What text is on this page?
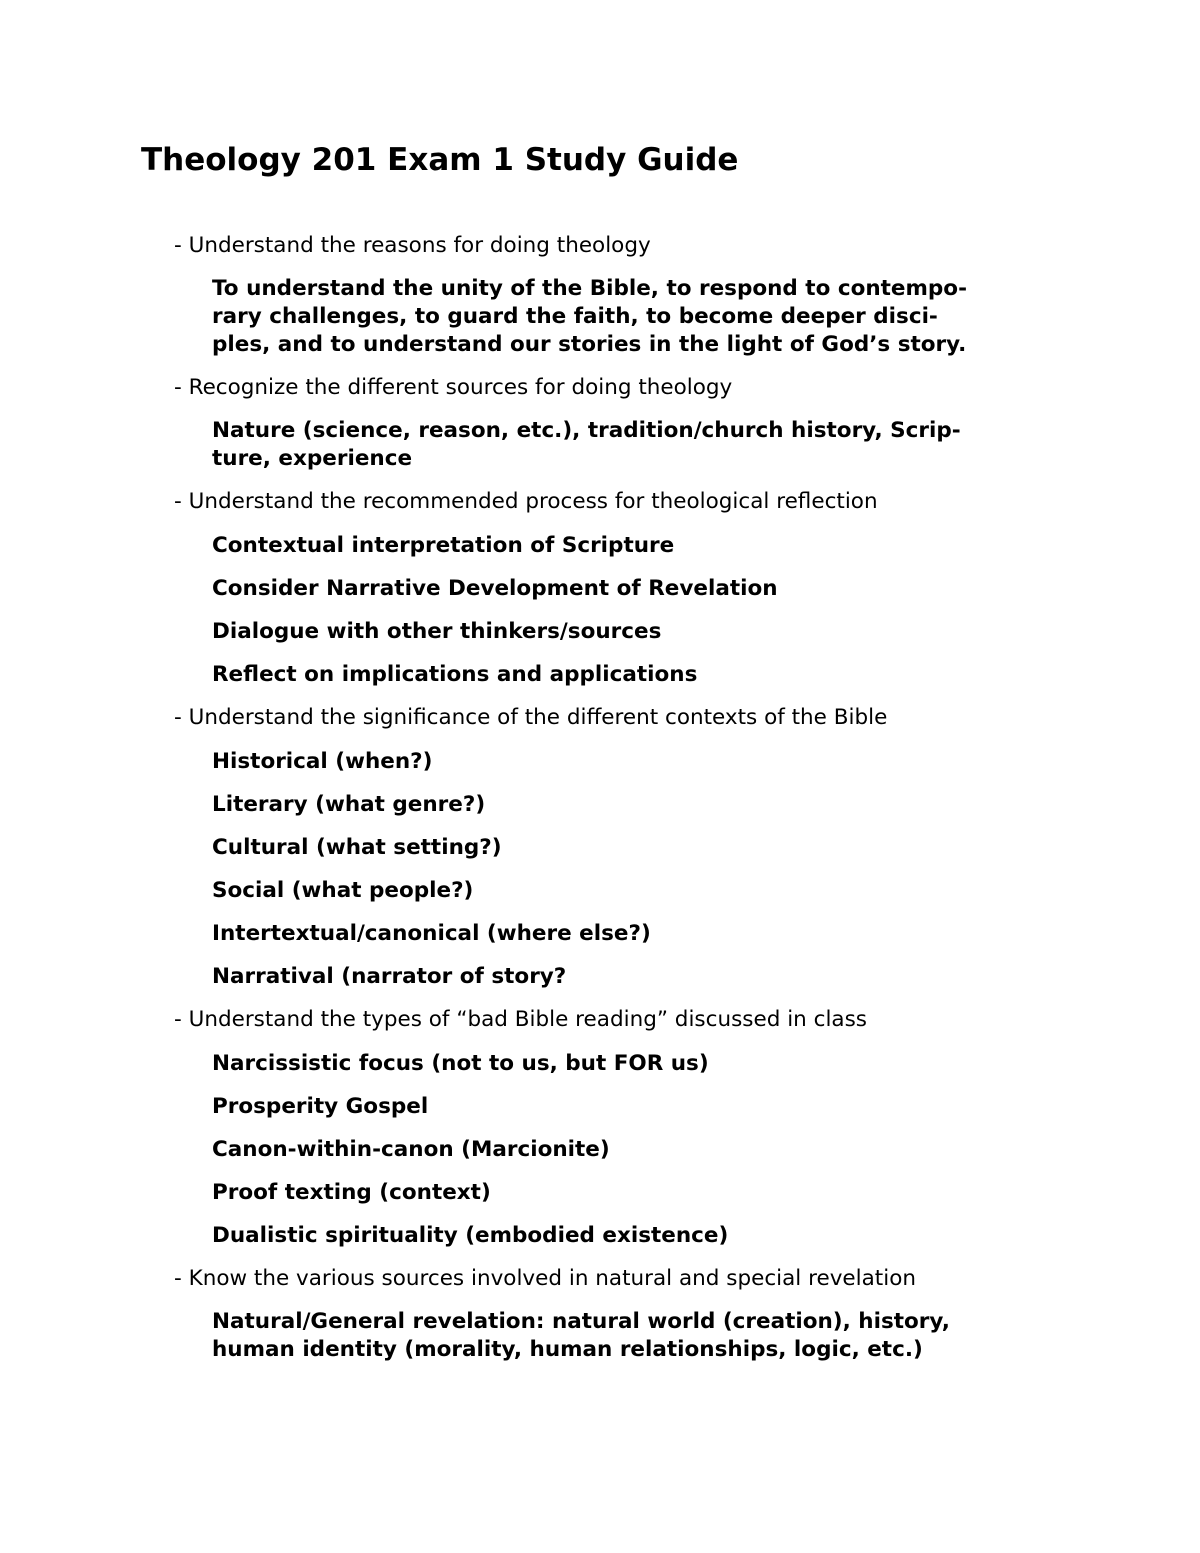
Theology 201 Exam 1 Study Guide
- Understand the reasons for doing theology
To understand the unity of the Bible, to respond to contempo-
rary challenges, to guard the faith, to become deeper disci-
ples, and to understand our stories in the light of God’s story.
- Recognize the different sources for doing theology
Nature (science, reason, etc.), tradition/church history, Scrip-
ture, experience
- Understand the recommended process for theological reflection
Contextual interpretation of Scripture
Consider Narrative Development of Revelation
Dialogue with other thinkers/sources
Reflect on implications and applications
- Understand the significance of the different contexts of the Bible
Historical (when?)
Literary (what genre?)
Cultural (what setting?)
Social (what people?)
Intertextual/canonical (where else?)
Narratival (narrator of story?
- Understand the types of “bad Bible reading” discussed in class
Narcissistic focus (not to us, but FOR us)
Prosperity Gospel
Canon-within-canon (Marcionite)
Proof texting (context)
Dualistic spirituality (embodied existence)
- Know the various sources involved in natural and special revelation
Natural/General revelation: natural world (creation), history,
human identity (morality, human relationships, logic, etc.)
